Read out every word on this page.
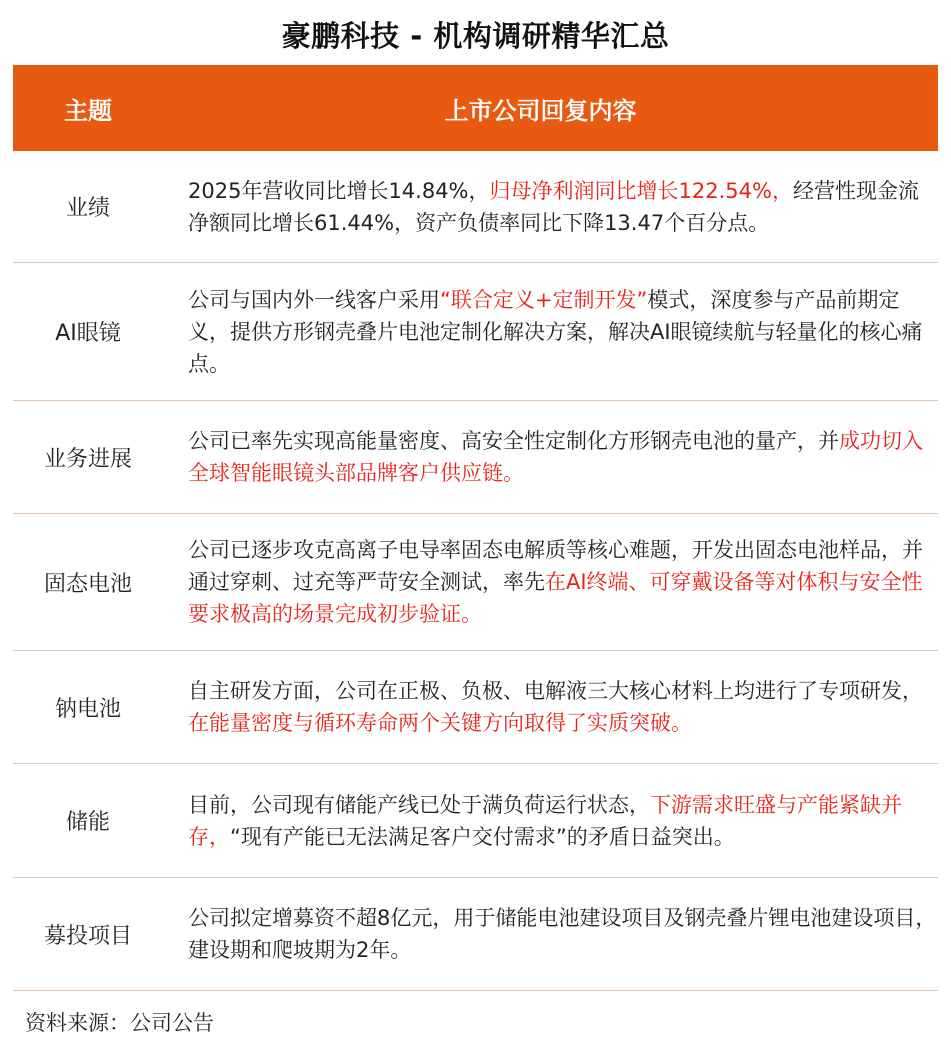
豪鹏科技 - 机构调研精华汇总
主题	上市公司回复内容
业绩
2025年营收同比增长14.84%，归母净利润同比增长122.54%，经营性现金流净额同比增长61.44%，资产负债率同比下降13.47个百分点。
AI眼镜
公司与国内外一线客户采用“联合定义+定制开发”模式，深度参与产品前期定义，提供方形钢壳叠片电池定制化解决方案，解决AI眼镜续航与轻量化的核心痛点。
业务进展
公司已率先实现高能量密度、高安全性定制化方形钢壳电池的量产，并成功切入全球智能眼镜头部品牌客户供应链。
固态电池
公司已逐步攻克高离子电导率固态电解质等核心难题，开发出固态电池样品，并通过穿刺、过充等严苛安全测试，率先在AI终端、可穿戴设备等对体积与安全性要求极高的场景完成初步验证。
钠电池
自主研发方面，公司在正极、负极、电解液三大核心材料上均进行了专项研发，在能量密度与循环寿命两个关键方向取得了实质突破。
储能
目前，公司现有储能产线已处于满负荷运行状态，下游需求旺盛与产能紧缺并存，“现有产能已无法满足客户交付需求”的矛盾日益突出。
募投项目
公司拟定增募资不超8亿元，用于储能电池建设项目及钢壳叠片锂电池建设项目，建设期和爬坡期为2年。
资料来源：公司公告
